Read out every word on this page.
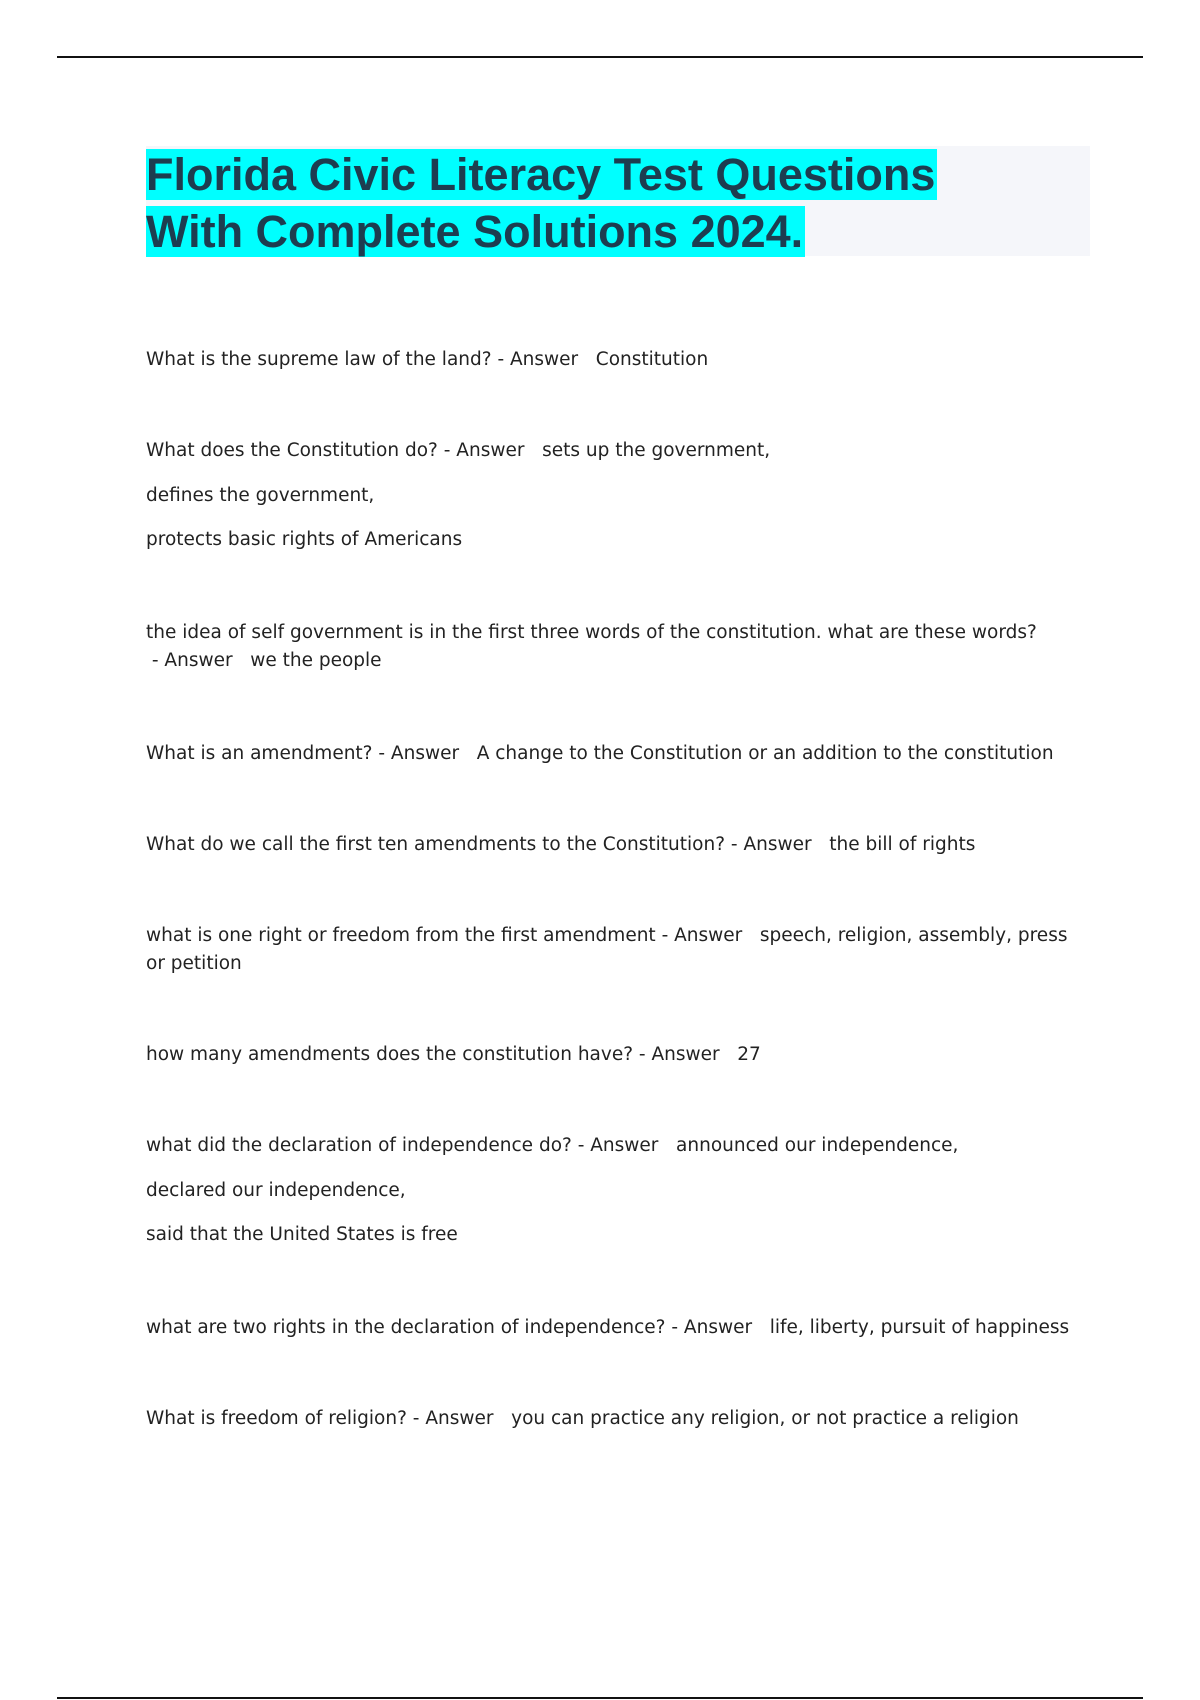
Florida Civic Literacy Test Questions
With Complete Solutions 2024.
What is the supreme law of the land? - Answer   Constitution
What does the Constitution do? - Answer   sets up the government,
defines the government,
protects basic rights of Americans
the idea of self government is in the first three words of the constitution. what are these words? - Answer   we the people
What is an amendment? - Answer   A change to the Constitution or an addition to the constitution
What do we call the first ten amendments to the Constitution? - Answer   the bill of rights
what is one right or freedom from the first amendment - Answer   speech, religion, assembly, press or petition
how many amendments does the constitution have? - Answer   27
what did the declaration of independence do? - Answer   announced our independence,
declared our independence,
said that the United States is free
what are two rights in the declaration of independence? - Answer   life, liberty, pursuit of happiness
What is freedom of religion? - Answer   you can practice any religion, or not practice a religion
